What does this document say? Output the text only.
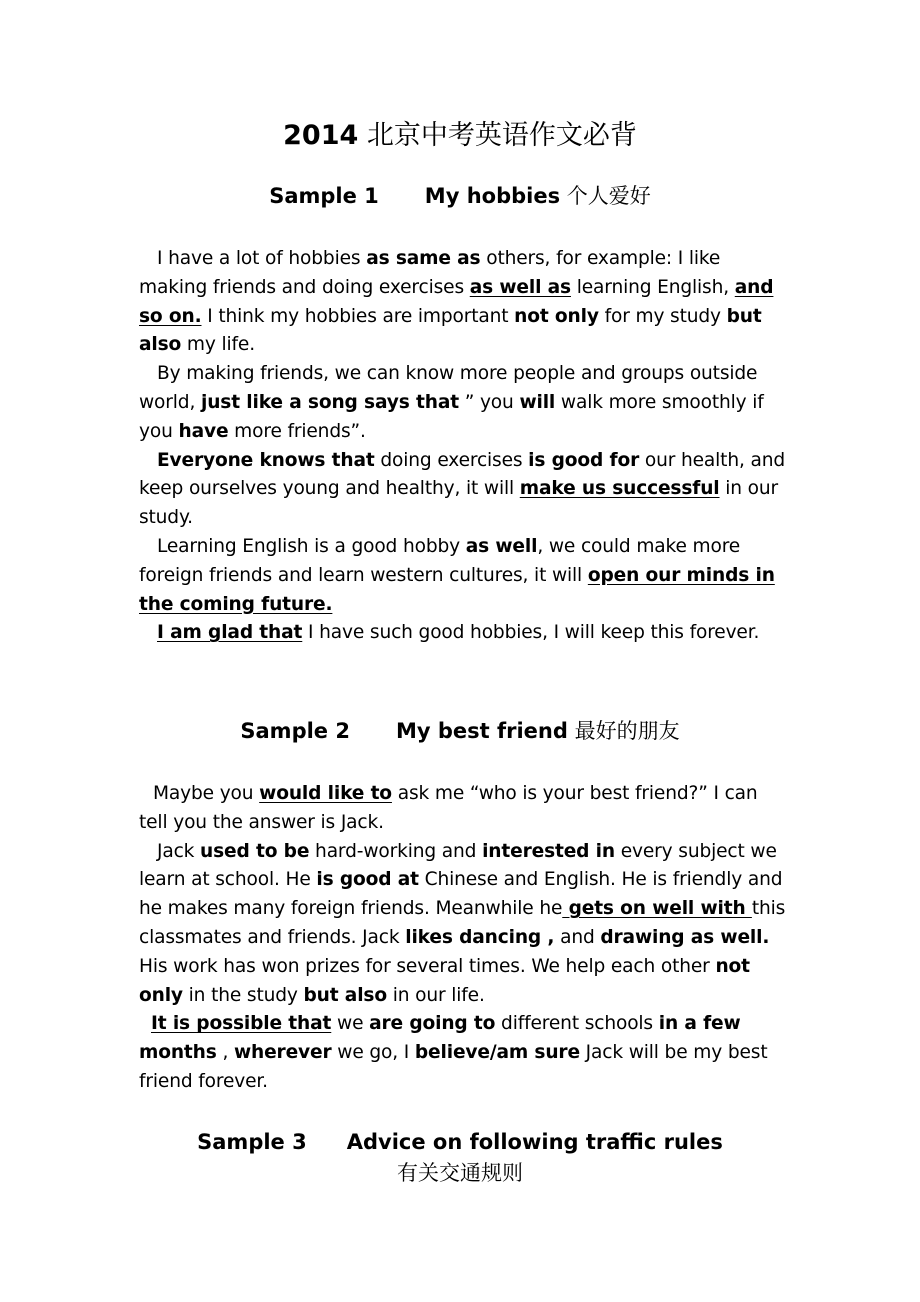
2014 北京中考英语作文必背
Sample 1 My hobbies 个人爱好

I have a lot of hobbies as same as others, for example: I like making friends and doing exercises as well as learning English, and so on. I think my hobbies are important not only for my study but also my life.

By making friends, we can know more people and groups outside world, just like a song says that ” you will walk more smoothly if you have more friends”.

Everyone knows that doing exercises is good for our health, and keep ourselves young and healthy, it will make us successful in our study.

Learning English is a good hobby as well, we could make more foreign friends and learn western cultures, it will open our minds in the coming future.

I am glad that I have such good hobbies, I will keep this forever.

Sample 2 My best friend 最好的朋友

Maybe you would like to ask me “who is your best friend?” I can tell you the answer is Jack.

Jack used to be hard-working and interested in every subject we learn at school. He is good at Chinese and English. He is friendly and he makes many foreign friends. Meanwhile he gets on well with this classmates and friends. Jack likes dancing , and drawing as well. His work has won prizes for several times. We help each other not only in the study but also in our life.

It is possible that we are going to different schools in a few months , wherever we go, I believe/am sure Jack will be my best friend forever.

Sample 3 Advice on following traffic rules
有关交通规则
